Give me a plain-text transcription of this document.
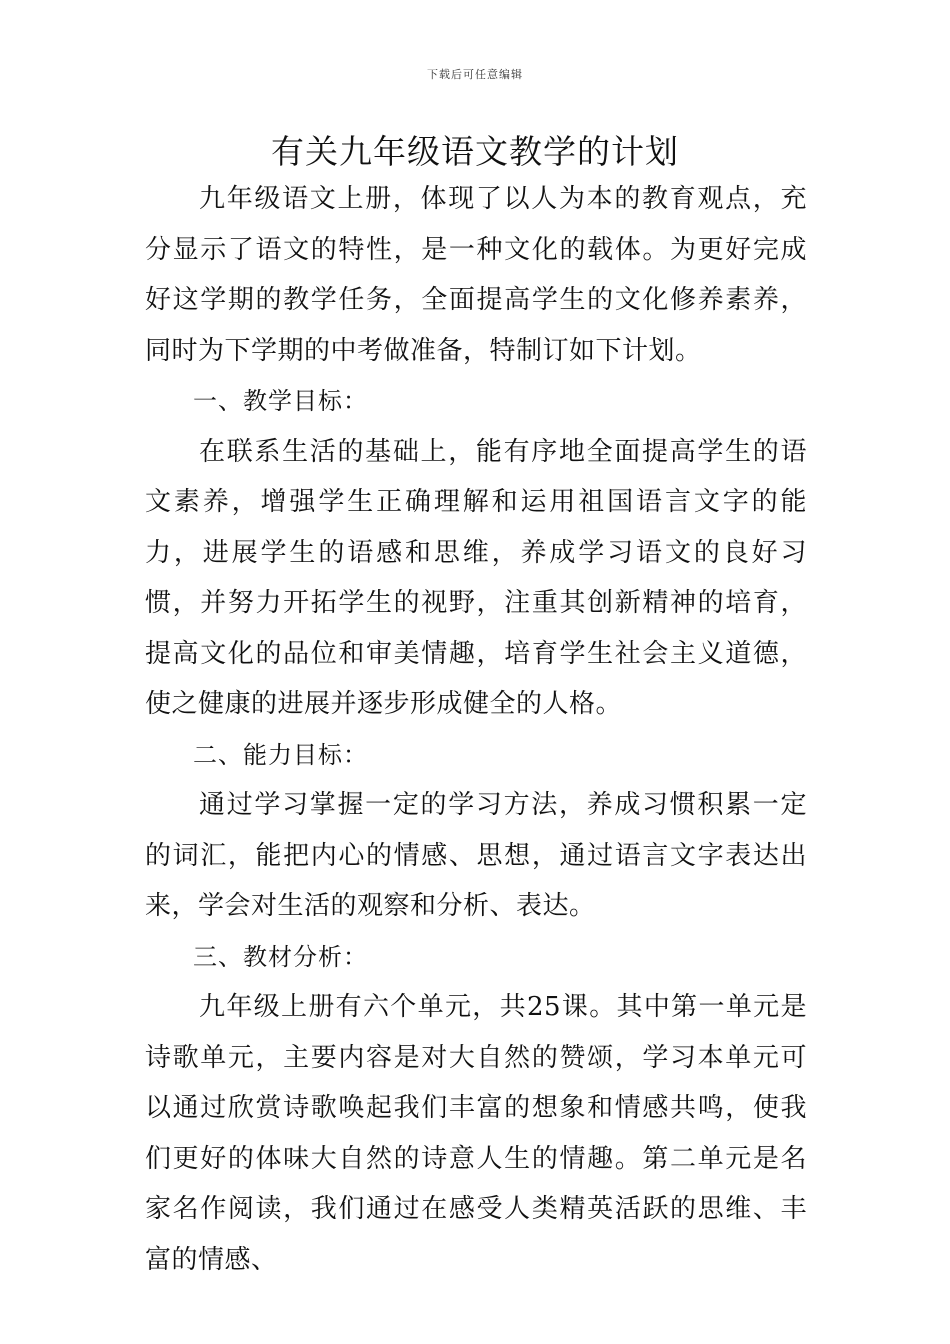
下载后可任意编辑
有关九年级语文教学的计划

九年级语文上册，体现了以人为本的教育观点，充分显示了语文的特性，是一种文化的载体。为更好完成好这学期的教学任务，全面提高学生的文化修养素养，同时为下学期的中考做准备，特制订如下计划。

一、教学目标：

在联系生活的基础上，能有序地全面提高学生的语文素养，增强学生正确理解和运用祖国语言文字的能力，进展学生的语感和思维，养成学习语文的良好习惯，并努力开拓学生的视野，注重其创新精神的培育，提高文化的品位和审美情趣，培育学生社会主义道德，使之健康的进展并逐步形成健全的人格。

二、能力目标：

通过学习掌握一定的学习方法，养成习惯积累一定的词汇，能把内心的情感、思想，通过语言文字表达出来，学会对生活的观察和分析、表达。

三、教材分析：

九年级上册有六个单元，共25课。其中第一单元是诗歌单元，主要内容是对大自然的赞颂，学习本单元可以通过欣赏诗歌唤起我们丰富的想象和情感共鸣，使我们更好的体味大自然的诗意人生的情趣。第二单元是名家名作阅读，我们通过在感受人类精英活跃的思维、丰富的情感、
